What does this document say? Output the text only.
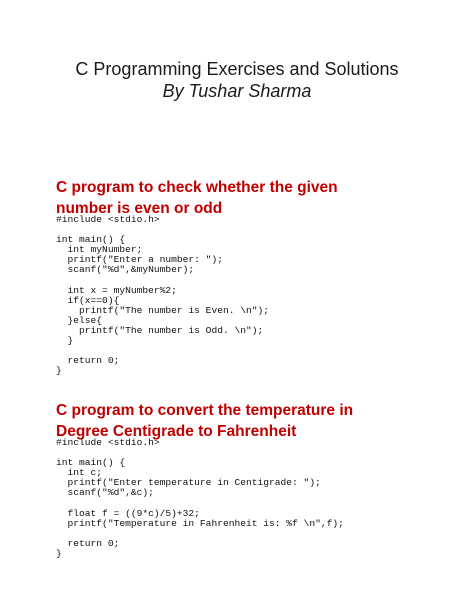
C Programming Exercises and Solutions
By Tushar Sharma
C program to check whether the given number is even or odd
#include <stdio.h>

int main() {
int myNumber;
printf("Enter a number: ");
scanf("%d",&myNumber);

int x = myNumber%2;
if(x==0){
printf("The number is Even. \n");
}else{
printf("The number is Odd. \n");
}

return 0;
}
C program to convert the temperature in Degree Centigrade to Fahrenheit
#include <stdio.h>

int main() {
int c;
printf("Enter temperature in Centigrade: ");
scanf("%d",&c);

float f = ((9*c)/5)+32;
printf("Temperature in Fahrenheit is: %f \n",f);

return 0;
}
